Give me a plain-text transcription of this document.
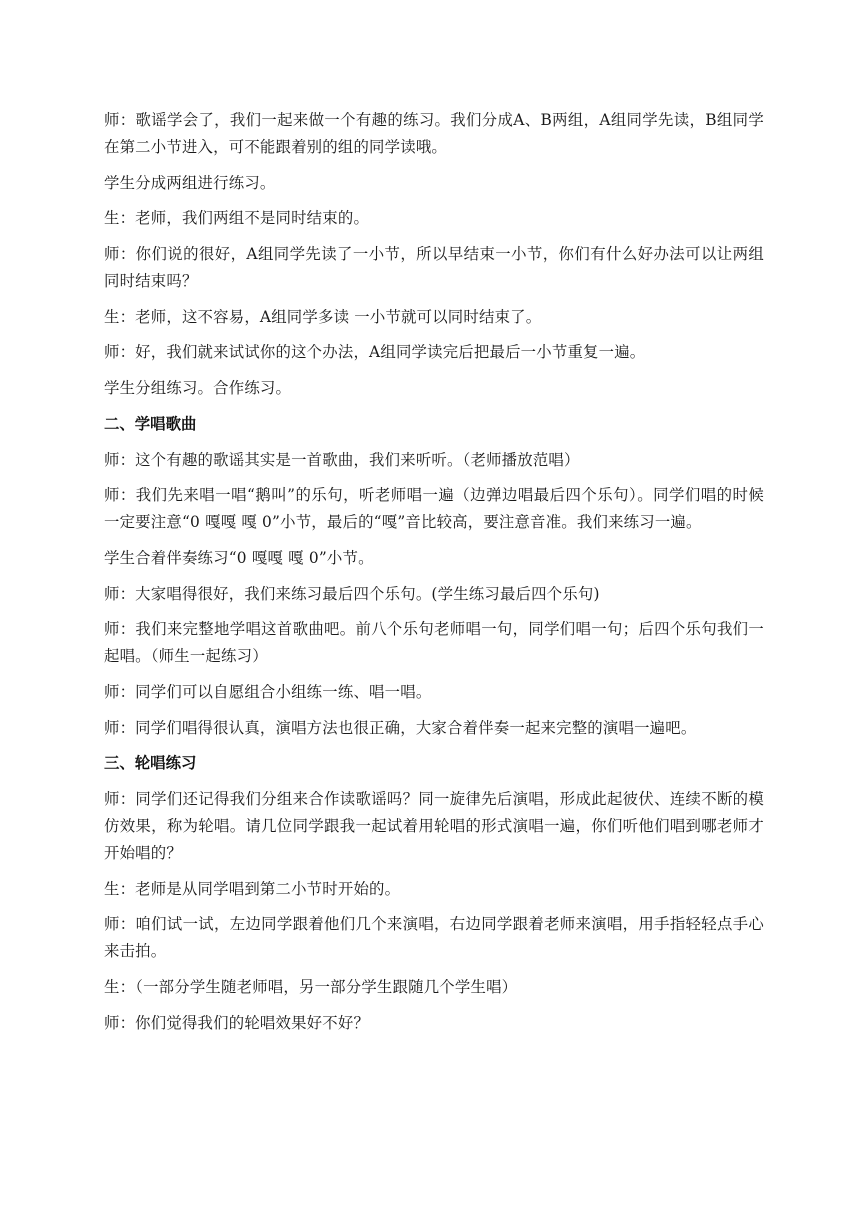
师：歌谣学会了，我们一起来做一个有趣的练习。我们分成A、B两组，A组同学先读，B组同学在第二小节进入，可不能跟着别的组的同学读哦。

学生分成两组进行练习。

生：老师，我们两组不是同时结束的。

师：你们说的很好，A组同学先读了一小节，所以早结束一小节，你们有什么好办法可以让两组同时结束吗？

生：老师，这不容易，A组同学多读 一小节就可以同时结束了。

师：好，我们就来试试你的这个办法，A组同学读完后把最后一小节重复一遍。

学生分组练习。合作练习。

二、学唱歌曲

师：这个有趣的歌谣其实是一首歌曲，我们来听听。（老师播放范唱）

师：我们先来唱一唱“鹅叫”的乐句，听老师唱一遍（边弹边唱最后四个乐句）。同学们唱的时候一定要注意“0 嘎嘎 嘎 0”小节，最后的“嘎”音比较高，要注意音准。我们来练习一遍。

学生合着伴奏练习“0 嘎嘎 嘎 0”小节。

师：大家唱得很好，我们来练习最后四个乐句。(学生练习最后四个乐句)

师：我们来完整地学唱这首歌曲吧。前八个乐句老师唱一句，同学们唱一句；后四个乐句我们一起唱。（师生一起练习）

师：同学们可以自愿组合小组练一练、唱一唱。

师：同学们唱得很认真，演唱方法也很正确，大家合着伴奏一起来完整的演唱一遍吧。

三、轮唱练习

师：同学们还记得我们分组来合作读歌谣吗？同一旋律先后演唱，形成此起彼伏、连续不断的模仿效果，称为轮唱。请几位同学跟我一起试着用轮唱的形式演唱一遍，你们听他们唱到哪老师才开始唱的？

生：老师是从同学唱到第二小节时开始的。

师：咱们试一试，左边同学跟着他们几个来演唱，右边同学跟着老师来演唱，用手指轻轻点手心来击拍。

生：（一部分学生随老师唱，另一部分学生跟随几个学生唱）

师：你们觉得我们的轮唱效果好不好？
